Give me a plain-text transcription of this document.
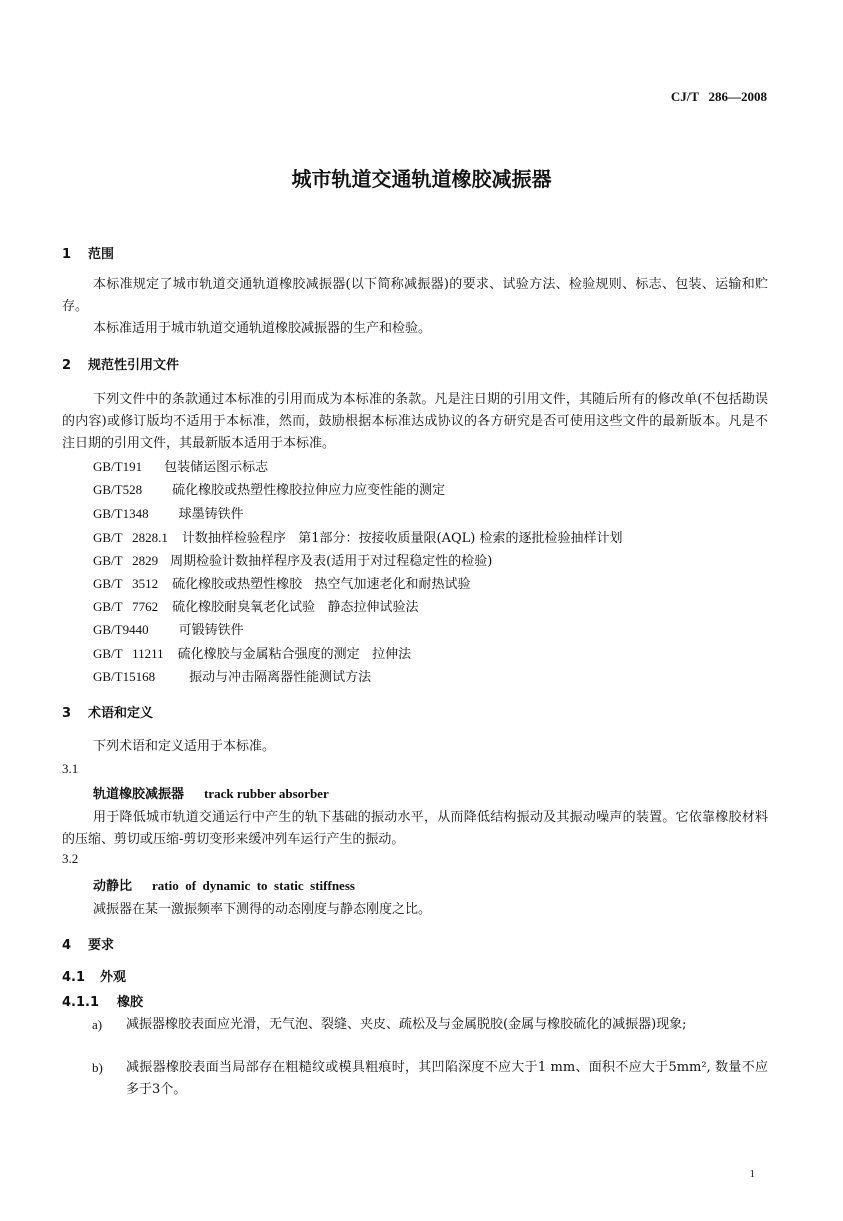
CJ/T   286—2008
城市轨道交通轨道橡胶减振器
1 范围
本标准规定了城市轨道交通轨道橡胶减振器(以下简称减振器)的要求、试验方法、检验规则、标志、包装、运输和贮存。
本标准适用于城市轨道交通轨道橡胶减振器的生产和检验。
2 规范性引用文件
下列文件中的条款通过本标准的引用而成为本标准的条款。凡是注日期的引用文件，其随后所有的修改单(不包括勘误的内容)或修订版均不适用于本标准，然而，鼓励根据本标准达成协议的各方研究是否可使用这些文件的最新版本。凡是不注日期的引用文件，其最新版本适用于本标准。
GB/T191 包装储运图示标志
GB/T528 硫化橡胶或热塑性橡胶拉伸应力应变性能的测定
GB/T1348 球墨铸铁件
GB/T   2828.1 计数抽样检验程序   第1部分：按接收质量限(AQL) 检索的逐批检验抽样计划
GB/T   2829 周期检验计数抽样程序及表(适用于对过程稳定性的检验)
GB/T   3512 硫化橡胶或热塑性橡胶   热空气加速老化和耐热试验
GB/T   7762 硫化橡胶耐臭氧老化试验   静态拉伸试验法
GB/T9440 可锻铸铁件
GB/T   11211 硫化橡胶与金属粘合强度的测定   拉伸法
GB/T15168	振动与冲击隔离器性能测试方法
3 术语和定义
下列术语和定义适用于本标准。
3.1
轨道橡胶减振器 track rubber absorber
用于降低城市轨道交通运行中产生的轨下基础的振动水平，从而降低结构振动及其振动噪声的装置。它依靠橡胶材料的压缩、剪切或压缩-剪切变形来缓冲列车运行产生的振动。
3.2
动静比 ratio  of  dynamic  to  static  stiffness
减振器在某一激振频率下测得的动态刚度与静态刚度之比。
4 要求
4.1 外观
4.1.1 橡胶
a) 减振器橡胶表面应光滑，无气泡、裂缝、夹皮、疏松及与金属脱胶(金属与橡胶硫化的减振器)现象;
b) 减振器橡胶表面当局部存在粗糙纹或模具粗痕时，其凹陷深度不应大于1 mm、面积不应大于5mm², 数量不应多于3个。
1
